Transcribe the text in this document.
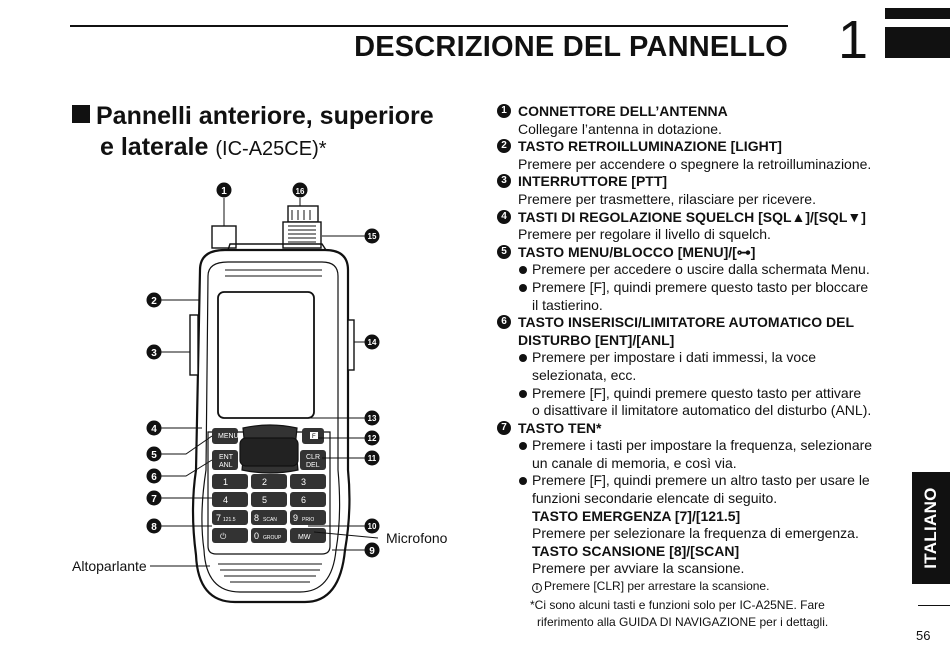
DESCRIZIONE DEL PANNELLO 1
Pannelli anteriore, superiore
e laterale (IC-A25CE)*
MENU	F
ENT
ANL
CLR
DEL
1	2	3
4	5	6
7 121.5 8 SCAN 9 PRIO
⏻	0 GROUP MW
1	16
15
2
3
14
4
13
12
5	11
6
7
8	10
9
Microfono
Altoparlante
1 CONNETTORE DELL’ANTENNA
Collegare l’antenna in dotazione.
2 TASTO RETROILLUMINAZIONE [LIGHT]
Premere per accendere o spegnere la retroilluminazione.
3 INTERRUTTORE [PTT]
Premere per trasmettere, rilasciare per ricevere.
4 TASTI DI REGOLAZIONE SQUELCH [SQL▲]/[SQL▼]
Premere per regolare il livello di squelch.
5 TASTO MENU/BLOCCO [MENU]/[⊶]
Premere per accedere o uscire dalla schermata Menu.
Premere [F], quindi premere questo tasto per bloccare
il tastierino.
6 TASTO INSERISCI/LIMITATORE AUTOMATICO DEL
DISTURBO [ENT]/[ANL]
Premere per impostare i dati immessi, la voce
selezionata, ecc.
Premere [F], quindi premere questo tasto per attivare
o disattivare il limitatore automatico del disturbo (ANL).
7 TASTO TEN*
Premere i tasti per impostare la frequenza, selezionare
un canale di memoria, e così via.
Premere [F], quindi premere un altro tasto per usare le
funzioni secondarie elencate di seguito.
TASTO EMERGENZA [7]/[121.5]
Premere per selezionare la frequenza di emergenza.
TASTO SCANSIONE [8]/[SCAN]
Premere per avviare la scansione.
i Premere [CLR] per arrestare la scansione.
*Ci sono alcuni tasti e funzioni solo per IC-A25NE. Fare
riferimento alla GUIDA DI NAVIGAZIONE per i dettagli.
ITALIANO
56
